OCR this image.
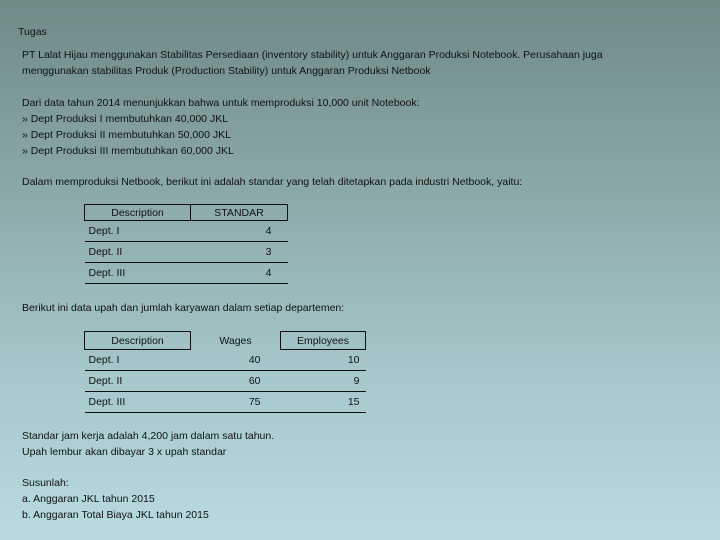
Tugas
PT Lalat Hijau menggunakan Stabilitas Persediaan (inventory stability) untuk Anggaran Produksi Notebook. Perusahaan juga
menggunakan stabilitas Produk (Production Stability) untuk Anggaran Produksi Netbook
Dari data tahun 2014 menunjukkan bahwa untuk memproduksi 10,000 unit Notebook:
» Dept Produksi I membutuhkan 40,000 JKL
» Dept Produksi II membutuhkan 50,000 JKL
» Dept Produksi III membutuhkan 60,000 JKL
Dalam memproduksi Netbook, berikut ini adalah standar yang telah ditetapkan pada industri Netbook, yaitu:
Description	STANDAR
Dept. I	4
Dept. II	3
Dept. III	4
Berikut ini data upah dan jumlah karyawan dalam setiap departemen:
Description	Wages	Employees
Dept. I	40	10
Dept. II	60	9
Dept. III	75	15
Standar jam kerja adalah 4,200 jam dalam satu tahun.
Upah lembur akan dibayar 3 x upah standar
Susunlah:
a. Anggaran JKL tahun 2015
b. Anggaran Total Biaya JKL tahun 2015
